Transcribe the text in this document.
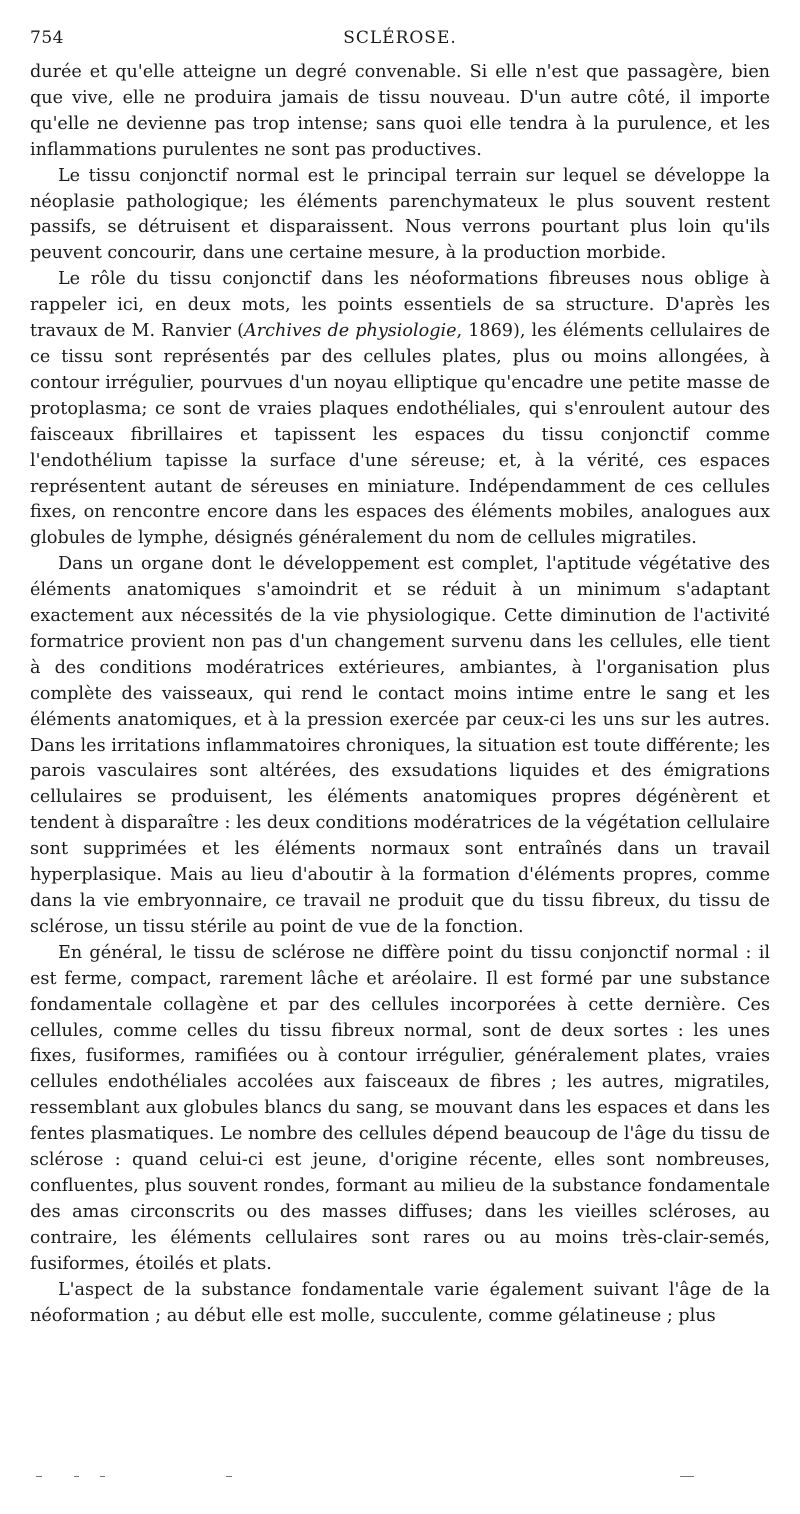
754	SCLÉROSE.

durée et qu'elle atteigne un degré convenable. Si elle n'est que passagère, bien que vive, elle ne produira jamais de tissu nouveau. D'un autre côté, il importe qu'elle ne devienne pas trop intense; sans quoi elle tendra à la purulence, et les inflammations purulentes ne sont pas productives.

Le tissu conjonctif normal est le principal terrain sur lequel se développe la néoplasie pathologique; les éléments parenchymateux le plus souvent restent passifs, se détruisent et disparaissent. Nous verrons pourtant plus loin qu'ils peuvent concourir, dans une certaine mesure, à la production morbide.

Le rôle du tissu conjonctif dans les néoformations fibreuses nous oblige à rappeler ici, en deux mots, les points essentiels de sa structure. D'après les travaux de M. Ranvier (Archives de physiologie, 1869), les éléments cellulaires de ce tissu sont représentés par des cellules plates, plus ou moins allongées, à contour irrégulier, pourvues d'un noyau elliptique qu'encadre une petite masse de protoplasma; ce sont de vraies plaques endothéliales, qui s'enroulent autour des faisceaux fibrillaires et tapissent les espaces du tissu conjonctif comme l'endothélium tapisse la surface d'une séreuse; et, à la vérité, ces espaces représentent autant de séreuses en miniature. Indépendamment de ces cellules fixes, on rencontre encore dans les espaces des éléments mobiles, analogues aux globules de lymphe, désignés généralement du nom de cellules migratiles.

Dans un organe dont le développement est complet, l'aptitude végétative des éléments anatomiques s'amoindrit et se réduit à un minimum s'adaptant exactement aux nécessités de la vie physiologique. Cette diminution de l'activité formatrice provient non pas d'un changement survenu dans les cellules, elle tient à des conditions modératrices extérieures, ambiantes, à l'organisation plus complète des vaisseaux, qui rend le contact moins intime entre le sang et les éléments anatomiques, et à la pression exercée par ceux-ci les uns sur les autres. Dans les irritations inflammatoires chroniques, la situation est toute différente; les parois vasculaires sont altérées, des exsudations liquides et des émigrations cellulaires se produisent, les éléments anatomiques propres dégénèrent et tendent à disparaître : les deux conditions modératrices de la végétation cellulaire sont supprimées et les éléments normaux sont entraînés dans un travail hyperplasique. Mais au lieu d'aboutir à la formation d'éléments propres, comme dans la vie embryonnaire, ce travail ne produit que du tissu fibreux, du tissu de sclérose, un tissu stérile au point de vue de la fonction.

En général, le tissu de sclérose ne diffère point du tissu conjonctif normal : il est ferme, compact, rarement lâche et aréolaire. Il est formé par une substance fondamentale collagène et par des cellules incorporées à cette dernière. Ces cellules, comme celles du tissu fibreux normal, sont de deux sortes : les unes fixes, fusiformes, ramifiées ou à contour irrégulier, généralement plates, vraies cellules endothéliales accolées aux faisceaux de fibres ; les autres, migratiles, ressemblant aux globules blancs du sang, se mouvant dans les espaces et dans les fentes plasmatiques. Le nombre des cellules dépend beaucoup de l'âge du tissu de sclérose : quand celui-ci est jeune, d'origine récente, elles sont nombreuses, confluentes, plus souvent rondes, formant au milieu de la substance fondamentale des amas circonscrits ou des masses diffuses; dans les vieilles scléroses, au contraire, les éléments cellulaires sont rares ou au moins très-clair-semés, fusiformes, étoilés et plats.

L'aspect de la substance fondamentale varie également suivant l'âge de la néoformation ; au début elle est molle, succulente, comme gélatineuse ; plus
